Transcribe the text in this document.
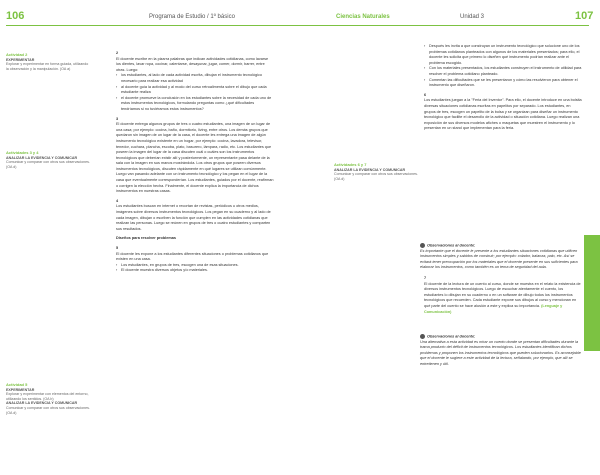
106	Programa de Estudio / 1º básico	Ciencias Naturales	Unidad 3	107
Actividad 2
EXPERIMENTAR
Explorar y experimentar en forma guiada, utilizando la observación y la manipulación. (OA a)
Actividades 3 y 4
ANALIZAR LA EVIDENCIA Y COMUNICAR
Comunicar y comparar con otros sus observaciones. (OA d)
Actividad 5
EXPERIMENTAR
Explorar y experimentar con elementos del entorno, utilizando los sentidos. (OA b)
ANALIZAR LA EVIDENCIA Y COMUNICAR
Comunicar y comparar con otros sus observaciones. (OA d)
Actividades 6 y 7
ANALIZAR LA EVIDENCIA Y COMUNICAR
Comunicar y comparar con otros sus observaciones. (OA d)
2
El docente escribe en la pizarra palabras que indican actividades cotidianas, como lavarse los dientes, lavar ropa, cocinar, calentarse, desayunar, jugar, comer, dormir, barrer, entre otras. Luego:
› los estudiantes, al lado de cada actividad escrita, dibujan el instrumento tecnológico necesario para realizar esa actividad
› al docente guía la actividad y al modo del curso retroalimenta sobre el dibujo que cada estudiante realiza
› el docente promueve la conclusión en los estudiantes sobre la necesidad de cada uno de estos instrumentos tecnológicos, formulando preguntas como ¿qué dificultades tendríamos si no tuviéramos estos instrumentos?
3
El docente entrega algunos grupos de tres o cuatro estudiantes, una imagen de un lugar de una casa; por ejemplo: cocina, baño, dormitorio, living, entre otros. Los demás grupos que quedaron sin imagen de un lugar de la casa, el docente les entrega una imagen de algún instrumento tecnológico existente en un hogar, por ejemplo: cocina, lavadora, televisor, tenedor, cuchara, plancha, escoba, plato, basurero, lámpara, radio, etc. Los estudiantes que poseen la imagen del lugar de la casa discuten cuál o cuáles son los instrumentos tecnológicos que deberían existir allí y posteriormente, un representante pasa delante de la sala con la imagen en sus manos mostrándola. Los otros grupos que poseen diversos instrumentos tecnológicos, discuten rápidamente en qué lugares se utilizan comúnmente. Luego van pasando adelante con un instrumento tecnológico y los pegan en el lugar de la casa que eventualmente corresponderían. Los estudiantes, guiados por el docente, reafirman o corrigen la elección hecha. Finalmente, el docente explica la importancia de dichos instrumentos en nuestras casas.
4
Los estudiantes buscan en internet o recortan de revistas, periódicos u otros medios, imágenes sobre diversos instrumentos tecnológicos. Los pegan en su cuaderno y al lado de cada imagen, dibujan o escriben la función que cumplen en las actividades cotidianas que realizan las personas. Luego se reúnen en grupos de tres o cuatro estudiantes y comparten sus resultados.
Diseños para resolver problemas
5
El docente les expone a los estudiantes diferentes situaciones o problemas cotidianos que existen en una casa.
› Los estudiantes, en grupos de tres, escogen una de esas situaciones.
› El docente muestra diversos objetos y/o materiales.
› Después les invita a que construyan un instrumento tecnológico que solucione uno de los problemas cotidianos planteados con algunos de los materiales presentados; para ello, el docente les solicita que primero lo diseñen qué instrumento podrían realizar ante el problema escogido.
› Con los materiales presentados, los estudiantes construyen el instrumento de utilidad para resolver el problema cotidiano planteado.
› Comentan las dificultades que se les presentaron y cómo las resolvieron para obtener el instrumento que diseñaron.
6
Los estudiantes juegan a la "Feria del Inventor". Para ello, el docente introduce en una bolsita diversas situaciones cotidianas escritas en papelitos por separado. Los estudiantes, en grupos de tres, escogen un papelito de la bolsa y se organizan para diseñar un instrumento tecnológico que facilite el desarrollo de la actividad o situación cotidiana. Luego realizan una exposición de sus diversos modelos afiches o maquetas que muestren el instrumento y lo presentan en un stand que implementan para la feria.
Observaciones al docente:
Es importante que el docente le presente a los estudiantes situaciones cotidianas que utilicen instrumentos simples y sabidos de construir; por ejemplo: colador, balanza, palo, etc. Así se evitará tener preocupación por los materiales que el docente presente en sus suficientes para elaborar los instrumentos, como también es un tema de seguridad del aula.
7
El docente de la lectura de un cuento al curso, donde se muestra en el relato la existencia de diversos instrumentos tecnológicos. Luego de escuchar atentamente el cuento, los estudiantes lo dibujan en su cuaderno o en un software de dibujo todos los instrumentos tecnológicos que recuerden. Cada estudiante expone sus dibujos al curso y mencionan en qué parte del cuento se hace alusión a este y explica su importancia. (Lenguaje y Comunicación)
Observaciones al docente:
Una alternativa a esta actividad es mirar un cuento donde se presentan dificultades durante la trama producto del déficit de instrumentos tecnológicos. Los estudiantes identifican dichos problemas y proponen los instrumentos tecnológicos que pueden solucionarlos. Es aconsejable que el docente le sugiere a este actividad de la lectura, señalando, por ejemplo, que allí se entretienen y útil.
